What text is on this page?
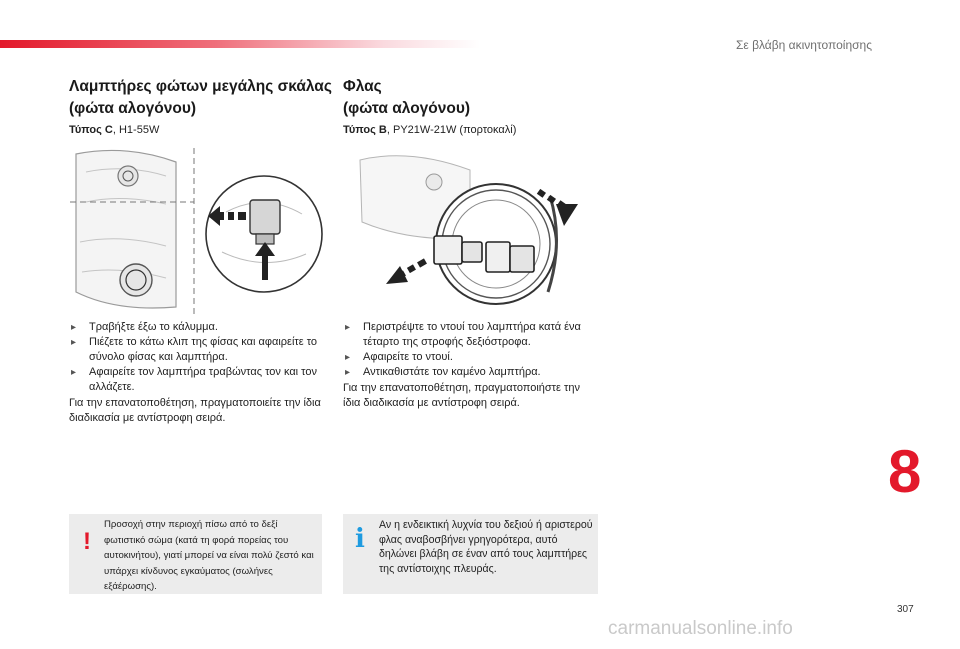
Σε βλάβη ακινητοποίησης
Λαμπτήρες φώτων μεγάλης σκάλας
(φώτα αλογόνου)
Τύπος C, H1-55W
▸ Τραβήξτε έξω το κάλυμμα.
▸ Πιέζετε το κάτω κλιπ της φίσας και αφαιρείτε το σύνολο φίσας και λαμπτήρα.
▸ Αφαιρείτε τον λαμπτήρα τραβώντας τον και τον αλλάζετε.
Για την επανατοποθέτηση, πραγματοποιείτε την ίδια διαδικασία με αντίστροφη σειρά.
!
Προσοχή στην περιοχή πίσω από το δεξί φωτιστικό σώμα (κατά τη φορά πορείας του αυτοκινήτου), γιατί μπορεί να είναι πολύ ζεστό και υπάρχει κίνδυνος εγκαύματος (σωλήνες εξάέρωσης).
Φλας
(φώτα αλογόνου)
Τύπος B, PY21W-21W (πορτοκαλί)
▸ Περιστρέψτε το ντουί του λαμπτήρα κατά ένα τέταρτο της στροφής δεξιόστροφα.
▸ Αφαιρείτε το ντουί.
▸ Αντικαθιστάτε τον καμένο λαμπτήρα.
Για την επανατοποθέτηση, πραγματοποιήστε την ίδια διαδικασία με αντίστροφη σειρά.
i Αν η ενδεικτική λυχνία του δεξιού ή αριστερού φλας αναβοσβήνει γρηγορότερα, αυτό δηλώνει βλάβη σε έναν από τους λαμπτήρες της αντίστοιχης πλευράς.
8
307
carmanualsonline.info
